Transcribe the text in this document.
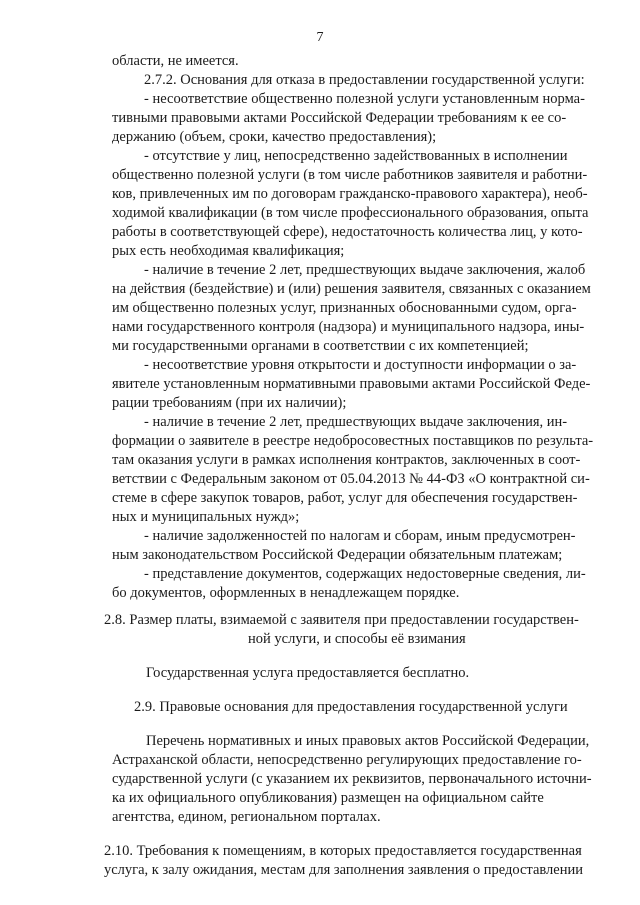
7

области, не имеется.

2.7.2. Основания для отказа в предоставлении государственной услуги:

- несоответствие общественно полезной услуги установленным норма-

тивными правовыми актами Российской Федерации требованиям к ее со-

держанию (объем, сроки, качество предоставления);

- отсутствие у лиц, непосредственно задействованных в исполнении

общественно полезной услуги (в том числе работников заявителя и работни-

ков, привлеченных им по договорам гражданско-правового характера), необ-

ходимой квалификации (в том числе профессионального образования, опыта

работы в соответствующей сфере), недостаточность количества лиц, у кото-

рых есть необходимая квалификация;

- наличие в течение 2 лет, предшествующих выдаче заключения, жалоб

на действия (бездействие) и (или) решения заявителя, связанных с оказанием

им общественно полезных услуг, признанных обоснованными судом, орга-

нами государственного контроля (надзора) и муниципального надзора, ины-

ми государственными органами в соответствии с их компетенцией;

- несоответствие уровня открытости и доступности информации о за-

явителе установленным нормативными правовыми актами Российской Феде-

рации требованиям (при их наличии);

- наличие в течение 2 лет, предшествующих выдаче заключения, ин-

формации о заявителе в реестре недобросовестных поставщиков по результа-

там оказания услуги в рамках исполнения контрактов, заключенных в соот-

ветствии с Федеральным законом от 05.04.2013 № 44-ФЗ «О контрактной си-

стеме в сфере закупок товаров, работ, услуг для обеспечения государствен-

ных и муниципальных нужд»;

- наличие задолженностей по налогам и сборам, иным предусмотрен-

ным законодательством Российской Федерации обязательным платежам;

- представление документов, содержащих недостоверные сведения, ли-

бо документов, оформленных в ненадлежащем порядке.

2.8. Размер платы, взимаемой с заявителя при предоставлении государствен-

ной услуги, и способы её взимания

Государственная услуга предоставляется бесплатно.

2.9. Правовые основания для предоставления государственной услуги

Перечень нормативных и иных правовых актов Российской Федерации,

Астраханской области, непосредственно регулирующих предоставление го-

сударственной услуги (с указанием их реквизитов, первоначального источни-

ка их официального опубликования) размещен на официальном сайте

агентства, едином, региональном порталах.

2.10. Требования к помещениям, в которых предоставляется государственная

услуга, к залу ожидания, местам для заполнения заявления о предоставлении
